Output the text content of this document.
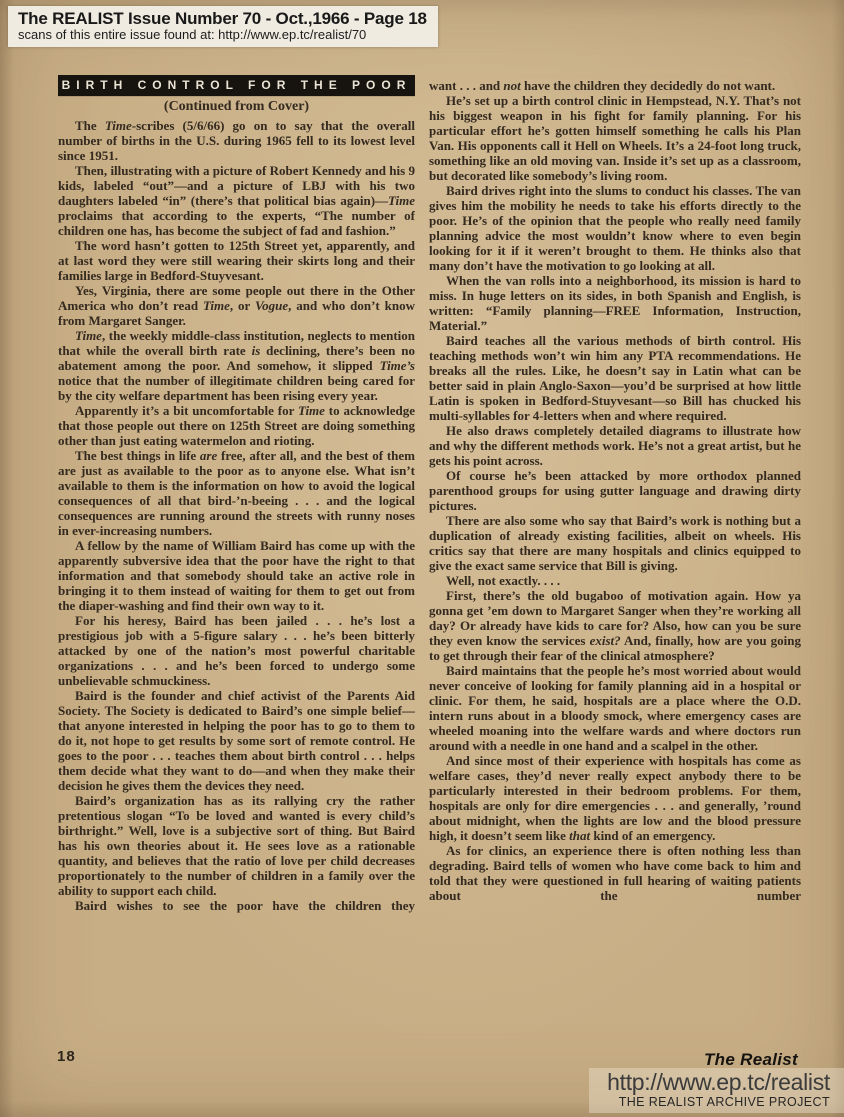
The REALIST Issue Number 70 - Oct.,1966 - Page 18
scans of this entire issue found at: http://www.ep.tc/realist/70
BIRTH CONTROL FOR THE POOR
(Continued from Cover)

The Time-scribes (5/6/66) go on to say that the overall number of births in the U.S. during 1965 fell to its lowest level since 1951.

Then, illustrating with a picture of Robert Kennedy and his 9 kids, labeled “out”—and a picture of LBJ with his two daughters labeled “in” (there’s that political bias again)—Time proclaims that according to the experts, “The number of children one has, has become the subject of fad and fashion.”

The word hasn’t gotten to 125th Street yet, apparently, and at last word they were still wearing their skirts long and their families large in Bedford-Stuyvesant.

Yes, Virginia, there are some people out there in the Other America who don’t read Time, or Vogue, and who don’t know from Margaret Sanger.

Time, the weekly middle-class institution, neglects to mention that while the overall birth rate is declining, there’s been no abatement among the poor. And somehow, it slipped Time’s notice that the number of illegitimate children being cared for by the city welfare department has been rising every year.

Apparently it’s a bit uncomfortable for Time to acknowledge that those people out there on 125th Street are doing something other than just eating watermelon and rioting.

The best things in life are free, after all, and the best of them are just as available to the poor as to anyone else. What isn’t available to them is the information on how to avoid the logical consequences of all that bird-’n-beeing . . . and the logical consequences are running around the streets with runny noses in ever-increasing numbers.

A fellow by the name of William Baird has come up with the apparently subversive idea that the poor have the right to that information and that somebody should take an active role in bringing it to them instead of waiting for them to get out from the diaper-washing and find their own way to it.

For his heresy, Baird has been jailed . . . he’s lost a prestigious job with a 5-figure salary . . . he’s been bitterly attacked by one of the nation’s most powerful charitable organizations . . . and he’s been forced to undergo some unbelievable schmuckiness.

Baird is the founder and chief activist of the Parents Aid Society. The Society is dedicated to Baird’s one simple belief—that anyone interested in helping the poor has to go to them to do it, not hope to get results by some sort of remote control. He goes to the poor . . . teaches them about birth control . . . helps them decide what they want to do—and when they make their decision he gives them the devices they need.

Baird’s organization has as its rallying cry the rather pretentious slogan “To be loved and wanted is every child’s birthright.” Well, love is a subjective sort of thing. But Baird has his own theories about it. He sees love as a rationable quantity, and believes that the ratio of love per child decreases proportionately to the number of children in a family over the ability to support each child.

Baird wishes to see the poor have the children they

want . . . and not have the children they decidedly do not want.

He’s set up a birth control clinic in Hempstead, N.Y. That’s not his biggest weapon in his fight for family planning. For his particular effort he’s gotten himself something he calls his Plan Van. His opponents call it Hell on Wheels. It’s a 24-foot long truck, something like an old moving van. Inside it’s set up as a classroom, but decorated like somebody’s living room.

Baird drives right into the slums to conduct his classes. The van gives him the mobility he needs to take his efforts directly to the poor. He’s of the opinion that the people who really need family planning advice the most wouldn’t know where to even begin looking for it if it weren’t brought to them. He thinks also that many don’t have the motivation to go looking at all.

When the van rolls into a neighborhood, its mission is hard to miss. In huge letters on its sides, in both Spanish and English, is written: “Family planning—FREE Information, Instruction, Material.”

Baird teaches all the various methods of birth control. His teaching methods won’t win him any PTA recommendations. He breaks all the rules. Like, he doesn’t say in Latin what can be better said in plain Anglo-Saxon—you’d be surprised at how little Latin is spoken in Bedford-Stuyvesant—so Bill has chucked his multi-syllables for 4-letters when and where required.

He also draws completely detailed diagrams to illustrate how and why the different methods work. He’s not a great artist, but he gets his point across.

Of course he’s been attacked by more orthodox planned parenthood groups for using gutter language and drawing dirty pictures.

There are also some who say that Baird’s work is nothing but a duplication of already existing facilities, albeit on wheels. His critics say that there are many hospitals and clinics equipped to give the exact same service that Bill is giving.

Well, not exactly. . . .

First, there’s the old bugaboo of motivation again. How ya gonna get ’em down to Margaret Sanger when they’re working all day? Or already have kids to care for? Also, how can you be sure they even know the services exist? And, finally, how are you going to get through their fear of the clinical atmosphere?

Baird maintains that the people he’s most worried about would never conceive of looking for family planning aid in a hospital or clinic. For them, he said, hospitals are a place where the O.D. intern runs about in a bloody smock, where emergency cases are wheeled moaning into the welfare wards and where doctors run around with a needle in one hand and a scalpel in the other.

And since most of their experience with hospitals has come as welfare cases, they’d never really expect anybody there to be particularly interested in their bedroom problems. For them, hospitals are only for dire emergencies . . . and generally, ’round about midnight, when the lights are low and the blood pressure high, it doesn’t seem like that kind of an emergency.

As for clinics, an experience there is often nothing less than degrading. Baird tells of women who have come back to him and told that they were questioned in full hearing of waiting patients about the number

18	The Realist
http://www.ep.tc/realist
THE REALIST ARCHIVE PROJECT
